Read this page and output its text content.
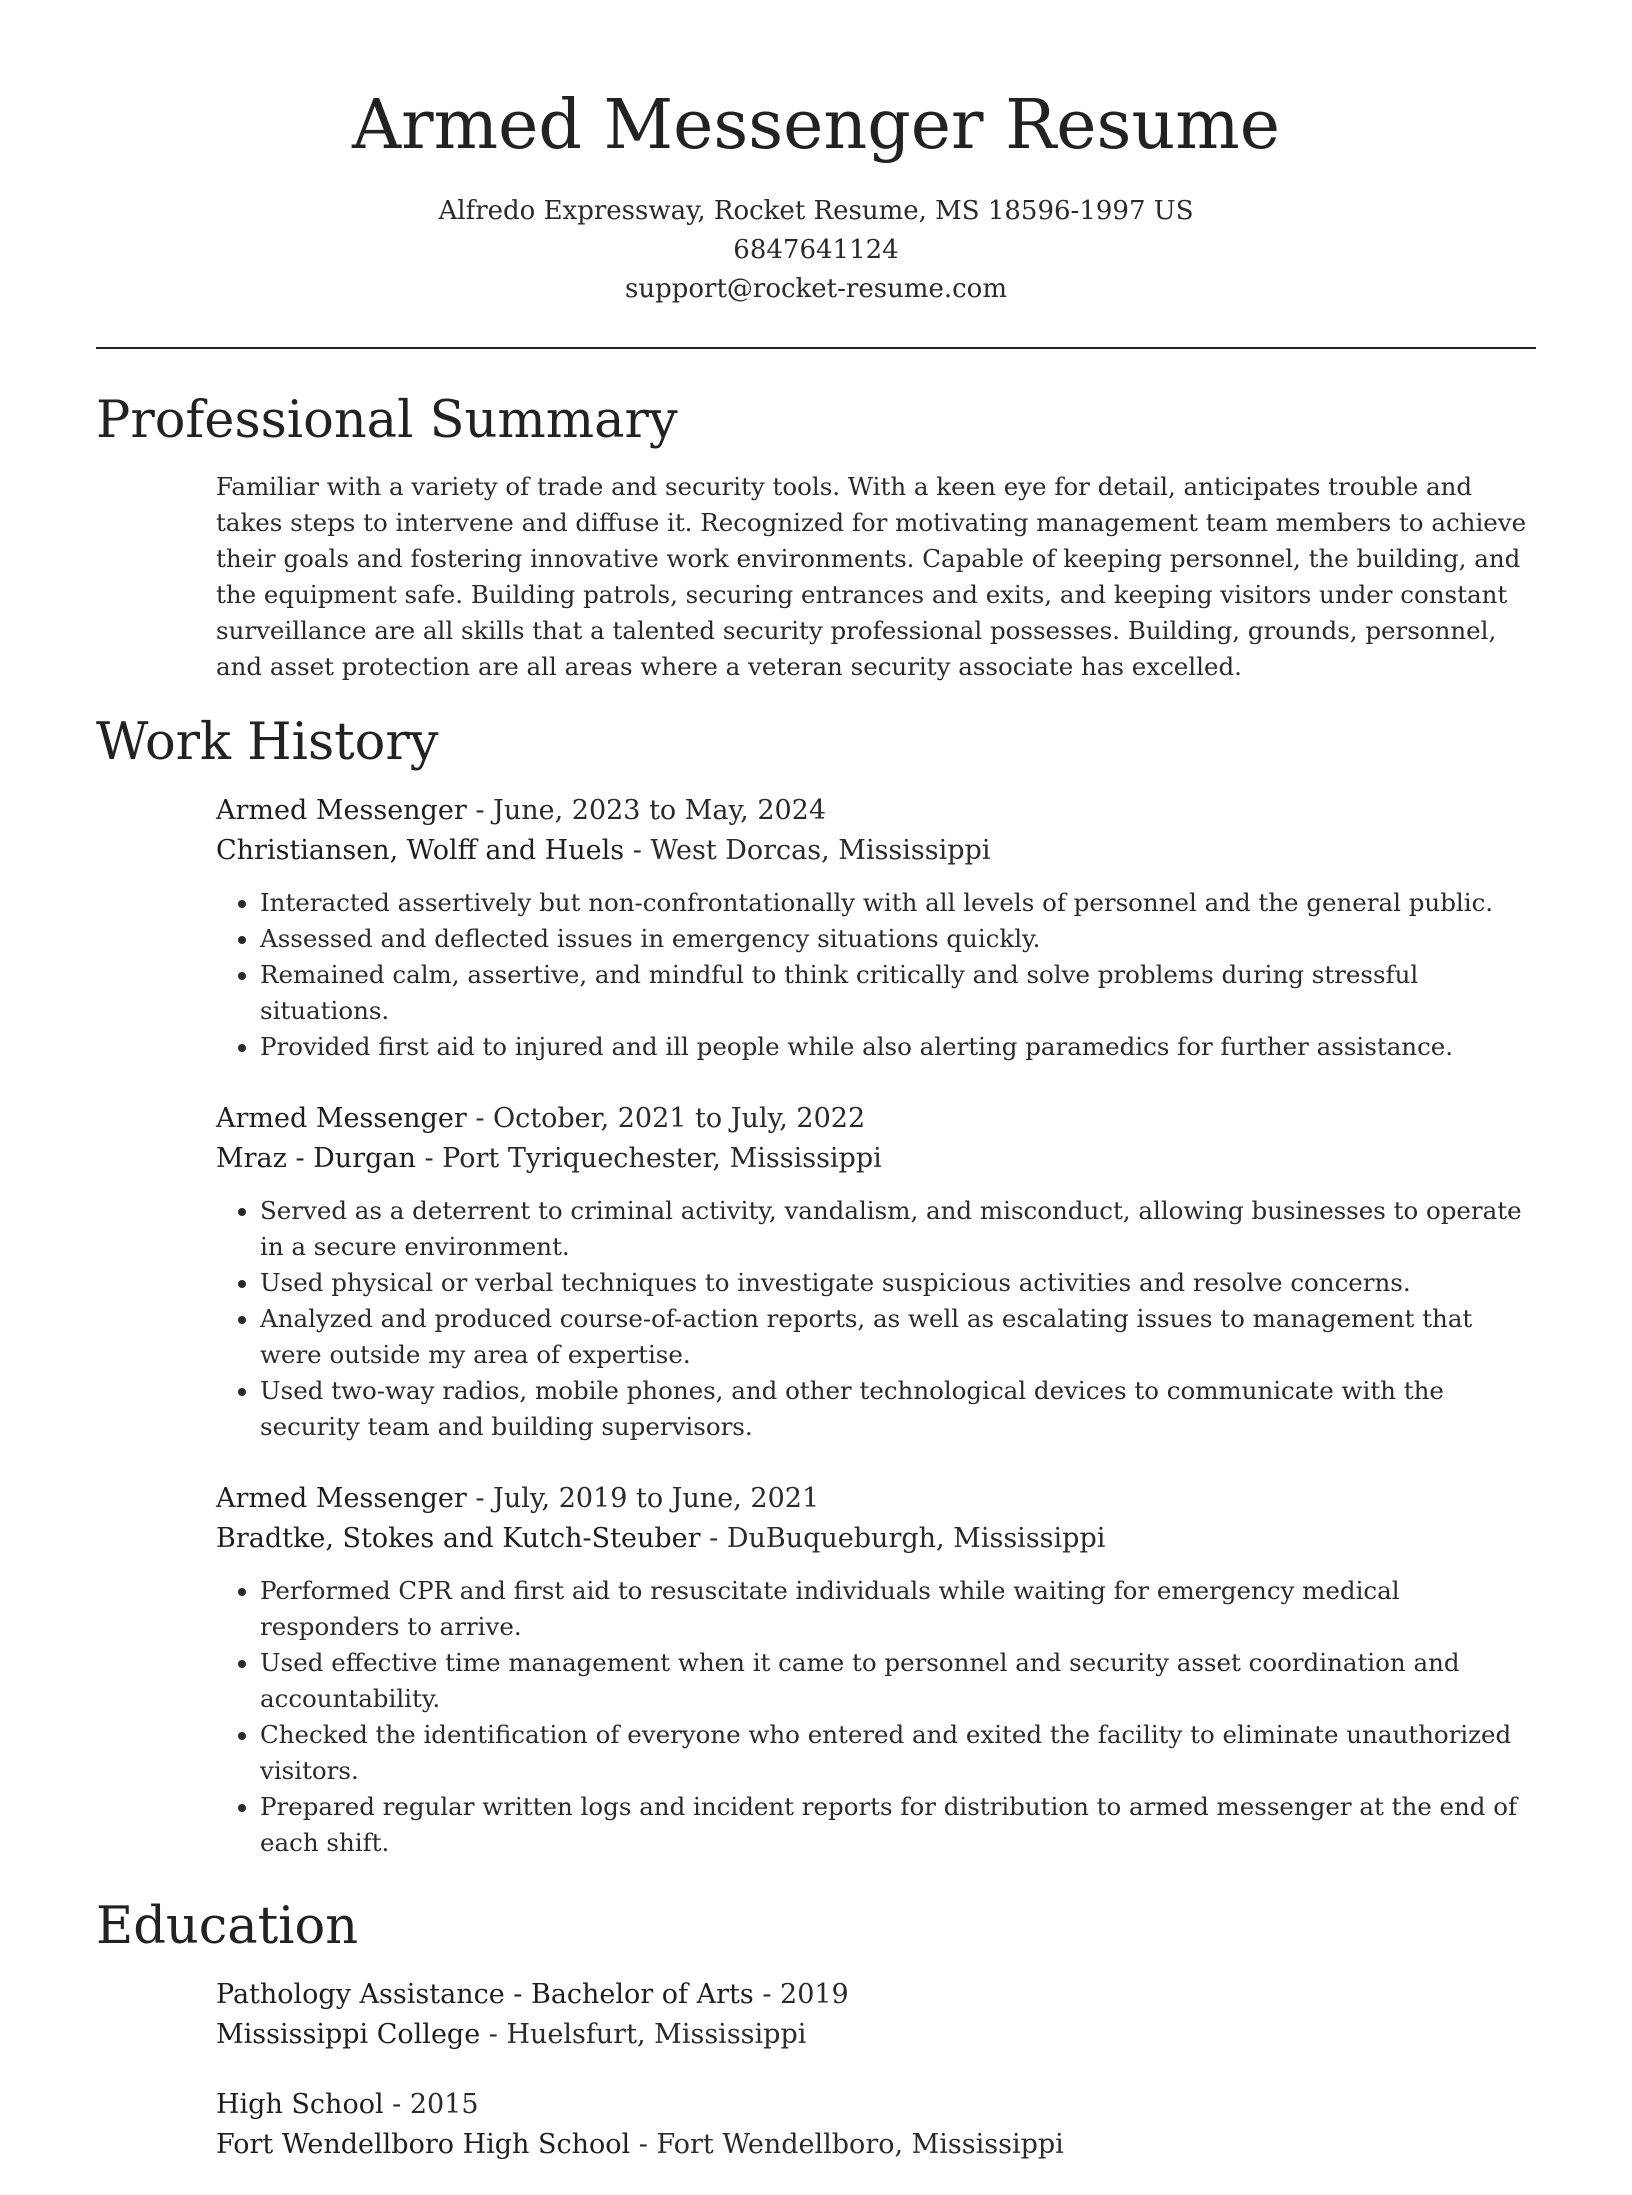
Armed Messenger Resume
Alfredo Expressway, Rocket Resume, MS 18596-1997 US
6847641124
support@rocket-resume.com
Professional Summary

Familiar with a variety of trade and security tools. With a keen eye for detail, anticipates trouble and takes steps to intervene and diffuse it. Recognized for motivating management team members to achieve their goals and fostering innovative work environments. Capable of keeping personnel, the building, and the equipment safe. Building patrols, securing entrances and exits, and keeping visitors under constant surveillance are all skills that a talented security professional possesses. Building, grounds, personnel, and asset protection are all areas where a veteran security associate has excelled.

Work History
Armed Messenger - June, 2023 to May, 2024
Christiansen, Wolff and Huels - West Dorcas, Mississippi
• Interacted assertively but non-confrontationally with all levels of personnel and the general public.
• Assessed and deflected issues in emergency situations quickly.
• Remained calm, assertive, and mindful to think critically and solve problems during stressful situations.
• Provided first aid to injured and ill people while also alerting paramedics for further assistance.
Armed Messenger - October, 2021 to July, 2022
Mraz - Durgan - Port Tyriquechester, Mississippi
• Served as a deterrent to criminal activity, vandalism, and misconduct, allowing businesses to operate in a secure environment.
• Used physical or verbal techniques to investigate suspicious activities and resolve concerns.
• Analyzed and produced course-of-action reports, as well as escalating issues to management that were outside my area of expertise.
• Used two-way radios, mobile phones, and other technological devices to communicate with the security team and building supervisors.
Armed Messenger - July, 2019 to June, 2021
Bradtke, Stokes and Kutch-Steuber - DuBuqueburgh, Mississippi
• Performed CPR and first aid to resuscitate individuals while waiting for emergency medical responders to arrive.
• Used effective time management when it came to personnel and security asset coordination and accountability.
• Checked the identification of everyone who entered and exited the facility to eliminate unauthorized visitors.
• Prepared regular written logs and incident reports for distribution to armed messenger at the end of each shift.
Education
Pathology Assistance - Bachelor of Arts - 2019
Mississippi College - Huelsfurt, Mississippi
High School - 2015
Fort Wendellboro High School - Fort Wendellboro, Mississippi
